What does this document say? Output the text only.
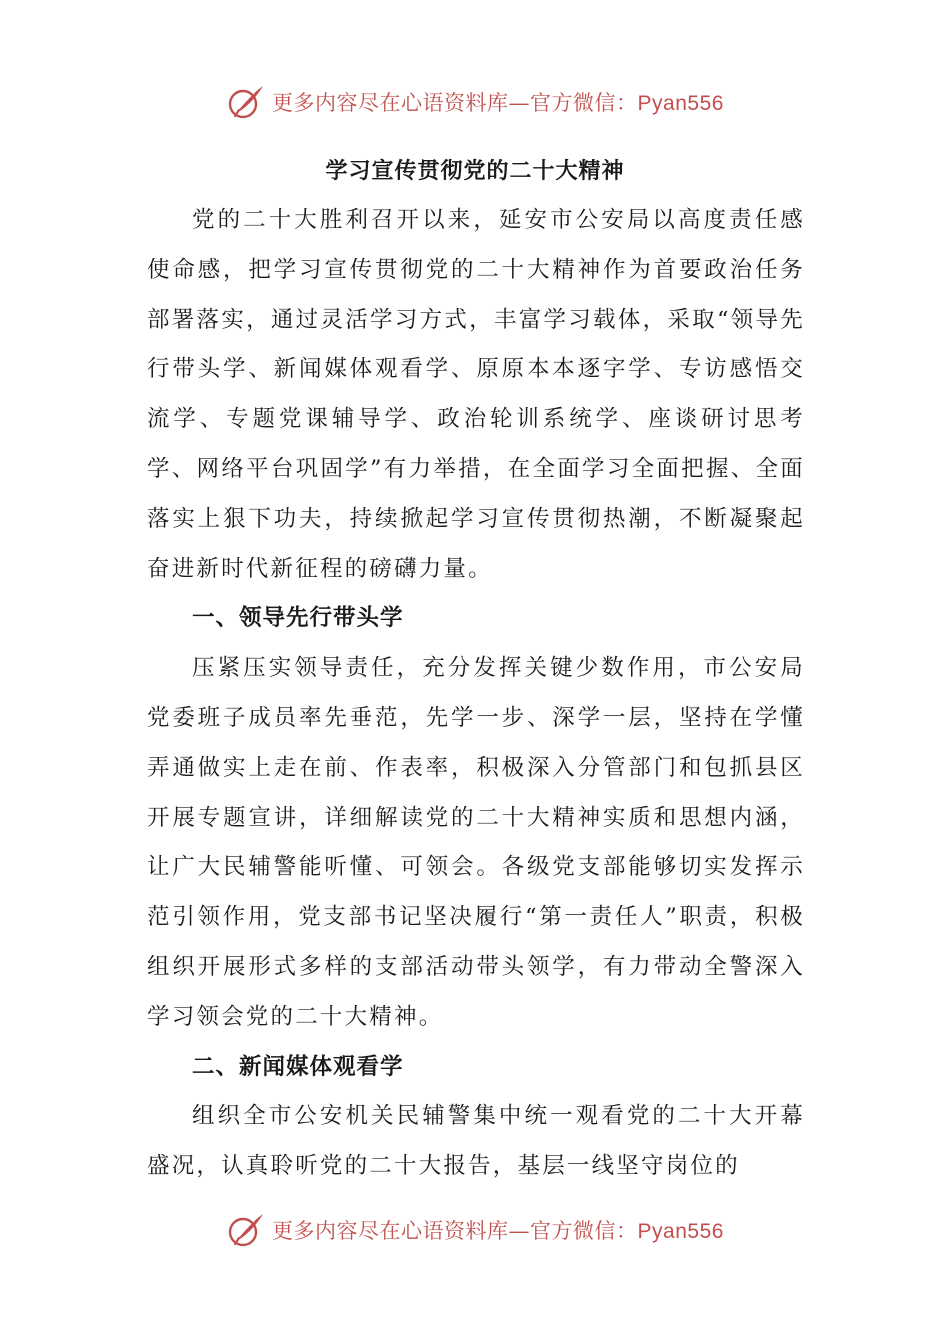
更多内容尽在心语资料库—官方微信：Pyan556
学习宣传贯彻党的二十大精神

党的二十大胜利召开以来，延安市公安局以高度责任感使命感，把学习宣传贯彻党的二十大精神作为首要政治任务部署落实，通过灵活学习方式，丰富学习载体，采取“领导先行带头学、新闻媒体观看学、原原本本逐字学、专访感悟交流学、专题党课辅导学、政治轮训系统学、座谈研讨思考学、网络平台巩固学”有力举措，在全面学习全面把握、全面落实上狠下功夫，持续掀起学习宣传贯彻热潮，不断凝聚起奋进新时代新征程的磅礴力量。

一、领导先行带头学

压紧压实领导责任，充分发挥关键少数作用，市公安局党委班子成员率先垂范，先学一步、深学一层，坚持在学懂弄通做实上走在前、作表率，积极深入分管部门和包抓县区开展专题宣讲，详细解读党的二十大精神实质和思想内涵，让广大民辅警能听懂、可领会。各级党支部能够切实发挥示范引领作用，党支部书记坚决履行“第一责任人”职责，积极组织开展形式多样的支部活动带头领学，有力带动全警深入学习领会党的二十大精神。

二、新闻媒体观看学

组织全市公安机关民辅警集中统一观看党的二十大开幕盛况，认真聆听党的二十大报告，基层一线坚守岗位的

更多内容尽在心语资料库—官方微信：Pyan556
